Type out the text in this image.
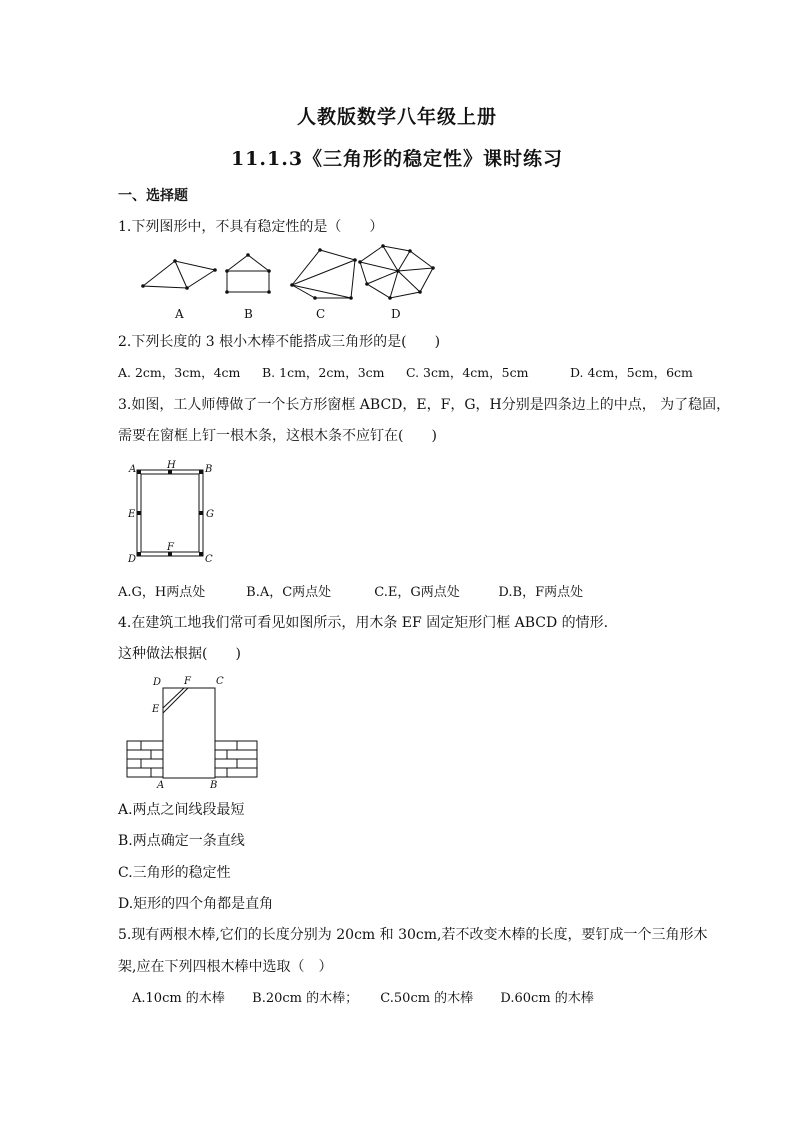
人教版数学八年级上册
11.1.3《三角形的稳定性》课时练习
一、选择题
1.下列图形中，不具有稳定性的是（　　）
A	B	C	D
2.下列长度的 3 根小木棒不能搭成三角形的是(　　)
A. 2cm，3cm，4cm B. 1cm，2cm，3cm C. 3cm，4cm，5cm	D. 4cm，5cm，6cm
3.如图，工人师傅做了一个长方形窗框 ABCD，E，F，G，H分别是四条边上的中点， 为了稳固，
需要在窗框上钉一根木条，这根木条不应钉在(　　)
A	H	B
E	G
D
F
C
A.G，H两点处	B.A，C两点处	C.E，G两点处	D.B，F两点处
4.在建筑工地我们常可看见如图所示，用木条 EF 固定矩形门框 ABCD 的情形.
这种做法根据(　　)
D F	C
E
A	B
A.两点之间线段最短
B.两点确定一条直线
C.三角形的稳定性
D.矩形的四个角都是直角
5.现有两根木棒,它们的长度分别为 20cm 和 30cm,若不改变木棒的长度，要钉成一个三角形木
架,应在下列四根木棒中选取（　）
A.10cm 的木棒 B.20cm 的木棒； C.50cm 的木棒 D.60cm 的木棒
